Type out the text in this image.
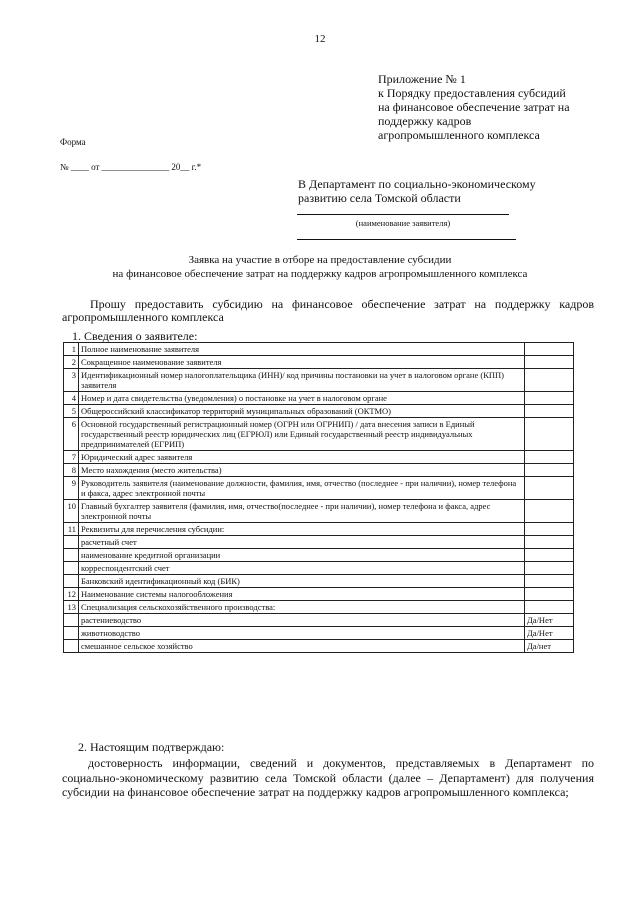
12
Приложение № 1
к Порядку предоставления субсидий
на финансовое обеспечение затрат на
поддержку кадров
агропромышленного комплекса
Форма
№ ____ от _______________ 20__ г.*
В Департамент по социально-экономическому
развитию села Томской области
(наименование заявителя)
Заявка на участие в отборе на предоставление субсидии
на финансовое обеспечение затрат на поддержку кадров агропромышленного комплекса
Прошу предоставить субсидию на финансовое обеспечение затрат на поддержку кадров агропромышленного комплекса
1. Сведения о заявителе:
1	Полное наименование заявителя	
2	Сокращенное наименование заявителя	
3	Идентификационный номер налогоплательщика (ИНН)/ код причины постановки на учет в налоговом органе (КПП) заявителя	
4	Номер и дата свидетельства (уведомления) о постановке на учет в налоговом органе	
5	Общероссийский классификатор территорий муниципальных образований (ОКТМО)	
6	Основной государственный регистрационный номер (ОГРН или ОГРНИП) / дата внесения записи в Единый государственный реестр юридических лиц (ЕГРЮЛ) или Единый государственный реестр индивидуальных предпринимателей (ЕГРИП)	
7	Юридический адрес заявителя	
8	Место нахождения (место жительства)	
9	Руководитель заявителя (наименование должности, фамилия, имя, отчество (последнее - при наличии), номер телефона и факса, адрес электронной почты	
10	Главный бухгалтер заявителя (фамилия, имя, отчество(последнее - при наличии), номер телефона и факса, адрес электронной почты	
11	Реквизиты для перечисления субсидии:	
	расчетный счет	
	наименование кредитной организации	
	корреспондентский счет	
	Банковский идентификационный код (БИК)	
12	Наименование системы налогообложения	
13	Специализация сельскохозяйственного производства:	
	растениеводство	Да/Нет
	животноводство	Да/Нет
	смешанное сельское хозяйство	Да/нет
2. Настоящим подтверждаю:
достоверность информации, сведений и документов, представляемых в Департамент по социально-экономическому развитию села Томской области (далее – Департамент) для получения субсидии на финансовое обеспечение затрат на поддержку кадров агропромышленного комплекса;
